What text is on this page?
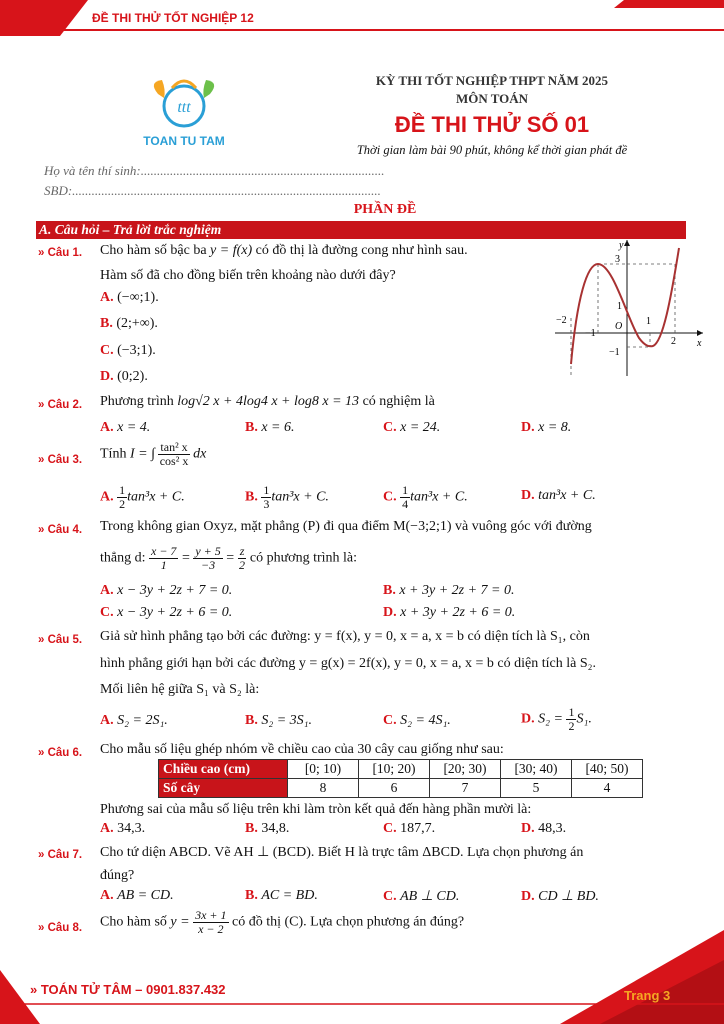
ĐỀ THI THỬ TỐT NGHIỆP 12
ttt
TOAN TU TAM
KỲ THI TỐT NGHIỆP THPT NĂM 2025
MÔN TOÁN
ĐỀ THI THỬ SỐ 01
Thời gian làm bài 90 phút, không kể thời gian phát đề
Họ và tên thí sinh:...........................................................................
SBD:...............................................................................................
PHẦN ĐỀ
A. Câu hỏi – Trả lời trắc nghiệm
» Câu 1. Cho hàm số bậc ba y = f(x) có đồ thị là đường cong như hình sau.
Hàm số đã cho đồng biến trên khoảng nào dưới đây?
A. (−∞;1).
B. (2;+∞).
C. (−3;1).
D. (0;2).
y
x
O
3
1
−1
−2
−1
1
2
» Câu 2. Phương trình log√2 x + 4log4 x + log8 x = 13 có nghiệm là
A. x = 4.	B. x = 6.	C. x = 24.	D. x = 8.
» Câu 3. Tính I = ∫ $\frac{\text{tan² x}}{\text{cos² x}}$ dx
A. $\frac{1}{2} \tan^3x + C$.	B. $\frac{1}{3} \tan^3x + C$.	C. $\frac{1}{4} \tan^3x + C$.	D. tan³x + C.
» Câu 4. Trong không gian Oxyz, mặt phẳng (P) đi qua điểm M(−3;2;1) và vuông góc với đường
thẳng d: $\frac{x - 7}{1} = \frac{y + 5}{-3} = \frac{z}{2}$ có phương trình là:
A. x − 3y + 2z + 7 = 0.	B. x + 3y + 2z + 7 = 0.
C. x − 3y + 2z + 6 = 0.	D. x + 3y + 2z + 6 = 0.
» Câu 5. Giả sử hình phẳng tạo bởi các đường: y = f(x), y = 0, x = a, x = b có diện tích là S₁, còn
hình phẳng giới hạn bởi các đường y = g(x) = 2f(x), y = 0, x = a, x = b có diện tích là S₂.
Mối liên hệ giữa S₁ và S₂ là:
A. S₂ = 2S₁.	B. S₂ = 3S₁.	C. S₂ = 4S₁.	D. $S_2 = \frac{1}{2} S_1$.
» Câu 6. Cho mẫu số liệu ghép nhóm về chiều cao của 30 cây cau giống như sau:
Chiều cao (cm)	[0; 10)	[10; 20)	[20; 30)	[30; 40)	[40; 50)
Số cây	8	6	7	5	4
Phương sai của mẫu số liệu trên khi làm tròn kết quả đến hàng phần mười là:
A. 34,3.	B. 34,8.	C. 187,7.	D. 48,3.
» Câu 7. Cho tứ diện ABCD. Vẽ AH ⊥ (BCD). Biết H là trực tâm ΔBCD. Lựa chọn phương án
đúng?
A. AB = CD.	B. AC = BD.	C. AB ⊥ CD.	D. CD ⊥ BD.
» Câu 8. Cho hàm số $y = \frac{3x + 1}{x - 2}$ có đồ thị (C). Lựa chọn phương án đúng?
» TOÁN TỬ TÂM – 0901.837.432	Trang 3
